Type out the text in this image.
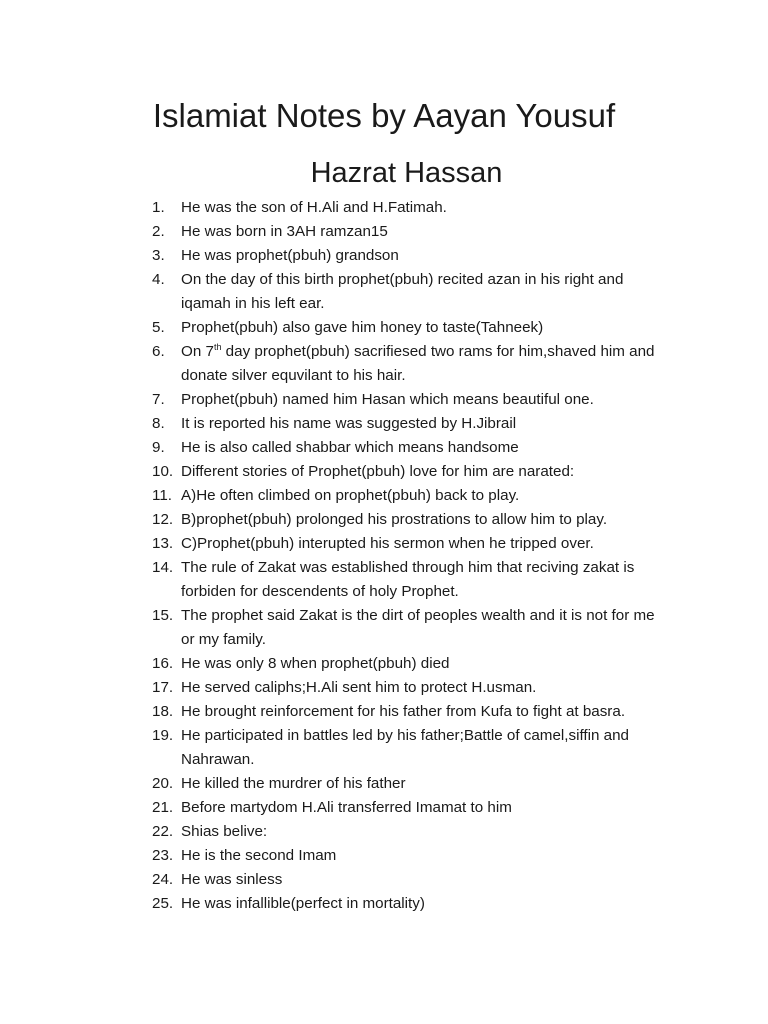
Islamiat Notes by Aayan Yousuf
Hazrat Hassan
1. He was the son of H.Ali and H.Fatimah.
2. He was born in 3AH ramzan15
3. He was prophet(pbuh) grandson
4. On the day of this birth prophet(pbuh) recited azan in his right and iqamah in his left ear.
5. Prophet(pbuh) also gave him honey to taste(Tahneek)
6. On 7th day prophet(pbuh) sacrifiesed two rams for him,shaved him and donate silver equvilant to his hair.
7. Prophet(pbuh) named him Hasan which means beautiful one.
8. It is reported his name was suggested by H.Jibrail
9. He is also called shabbar which means handsome
10. Different stories of Prophet(pbuh) love for him are narated:
11. A)He often climbed on prophet(pbuh) back to play.
12. B)prophet(pbuh) prolonged his prostrations to allow him to play.
13. C)Prophet(pbuh) interupted his sermon when he tripped over.
14. The rule of Zakat was established through him that reciving zakat is forbiden for descendents of holy Prophet.
15. The prophet said Zakat is the dirt of peoples wealth and it is not for me or my family.
16. He was only 8 when prophet(pbuh) died
17. He served caliphs;H.Ali sent him to protect H.usman.
18. He brought reinforcement for his father from Kufa to fight at basra.
19. He participated in battles led by his father;Battle of camel,siffin and Nahrawan.
20. He killed the murdrer of his father
21. Before martydom H.Ali transferred Imamat to him
22. Shias belive:
23. He is the second Imam
24. He was sinless
25. He was infallible(perfect in mortality)
